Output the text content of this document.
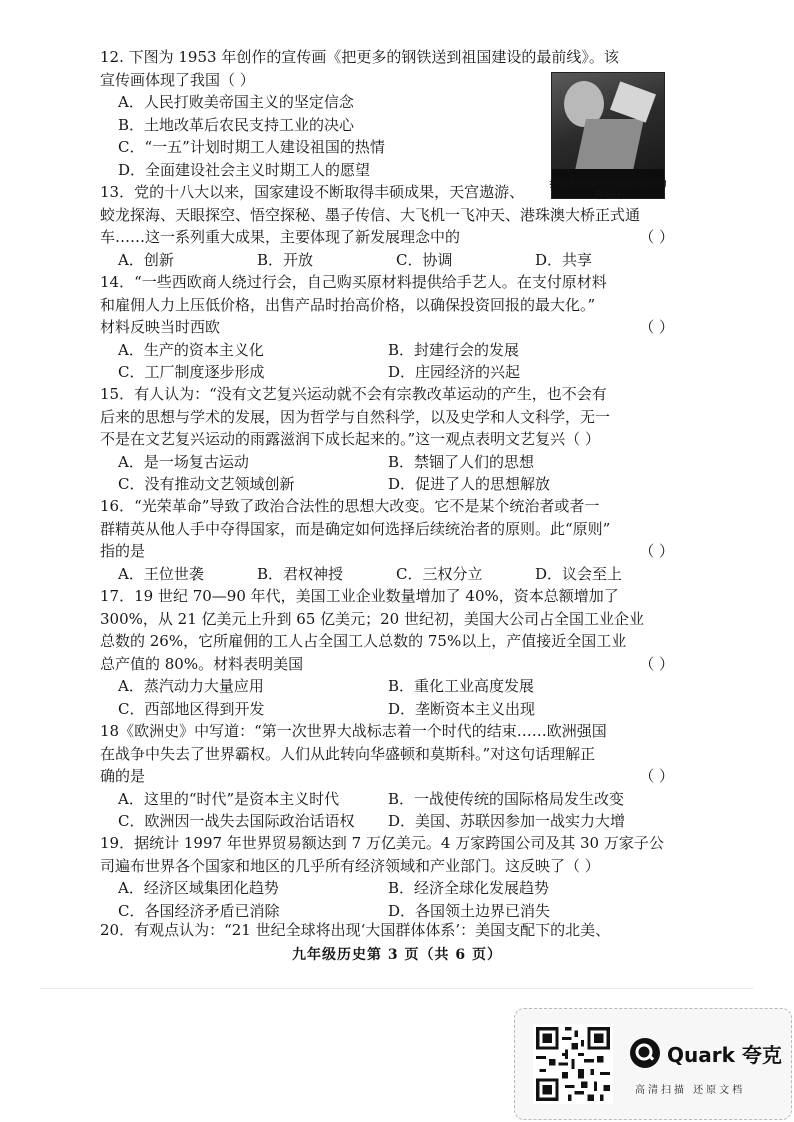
12. 下图为 1953 年创作的宣传画《把更多的钢铁送到祖国建设的最前线》。该
宣传画体现了我国（ ）
A．人民打败美帝国主义的坚定信念
B．土地改革后农民支持工业的决心
C．“一五”计划时期工人建设祖国的热情
D．全面建设社会主义时期工人的愿望
把更多的钢铁送到祖国建设的最前线
13．党的十八大以来，国家建设不断取得丰硕成果，天宫遨游、
蛟龙探海、天眼探空、悟空探秘、墨子传信、大飞机一飞冲天、港珠澳大桥正式通
车……这一系列重大成果，主要体现了新发展理念中的	（ ）
A．创新	B．开放	C．协调	D．共享
14．“一些西欧商人绕过行会，自己购买原材料提供给手艺人。在支付原材料
和雇佣人力上压低价格，出售产品时抬高价格，以确保投资回报的最大化。”
材料反映当时西欧	（ ）
A．生产的资本主义化	B．封建行会的发展
C．工厂制度逐步形成	D．庄园经济的兴起
15．有人认为：“没有文艺复兴运动就不会有宗教改革运动的产生，也不会有
后来的思想与学术的发展，因为哲学与自然科学，以及史学和人文科学，无一
不是在文艺复兴运动的雨露滋润下成长起来的。”这一观点表明文艺复兴（ ）
A．是一场复古运动	B．禁锢了人们的思想
C．没有推动文艺领域创新	D．促进了人的思想解放
16．“光荣革命”导致了政治合法性的思想大改变。它不是某个统治者或者一
群精英从他人手中夺得国家，而是确定如何选择后续统治者的原则。此“原则”
指的是	（ ）
A．王位世袭	B．君权神授	C．三权分立	D．议会至上
17．19 世纪 70—90 年代，美国工业企业数量增加了 40%，资本总额增加了
300%，从 21 亿美元上升到 65 亿美元；20 世纪初，美国大公司占全国工业企业
总数的 26%，它所雇佣的工人占全国工人总数的 75%以上，产值接近全国工业
总产值的 80%。材料表明美国	（ ）
A．蒸汽动力大量应用	B．重化工业高度发展
C．西部地区得到开发	D．垄断资本主义出现
18《欧洲史》中写道：“第一次世界大战标志着一个时代的结束……欧洲强国
在战争中失去了世界霸权。人们从此转向华盛顿和莫斯科。”对这句话理解正
确的是	（ ）
A．这里的“时代”是资本主义时代	B．一战使传统的国际格局发生改变
C．欧洲因一战失去国际政治话语权	D．美国、苏联因参加一战实力大增
19．据统计 1997 年世界贸易额达到 7 万亿美元。4 万家跨国公司及其 30 万家子公
司遍布世界各个国家和地区的几乎所有经济领域和产业部门。这反映了（ ）
A．经济区域集团化趋势	B．经济全球化发展趋势
C．各国经济矛盾已消除	D．各国领土边界已消失
20．有观点认为：“21 世纪全球将出现‘大国群体体系’：美国支配下的北美、
九年级历史第 3 页（共 6 页）
Quark 夸克
高清扫描 还原文档
